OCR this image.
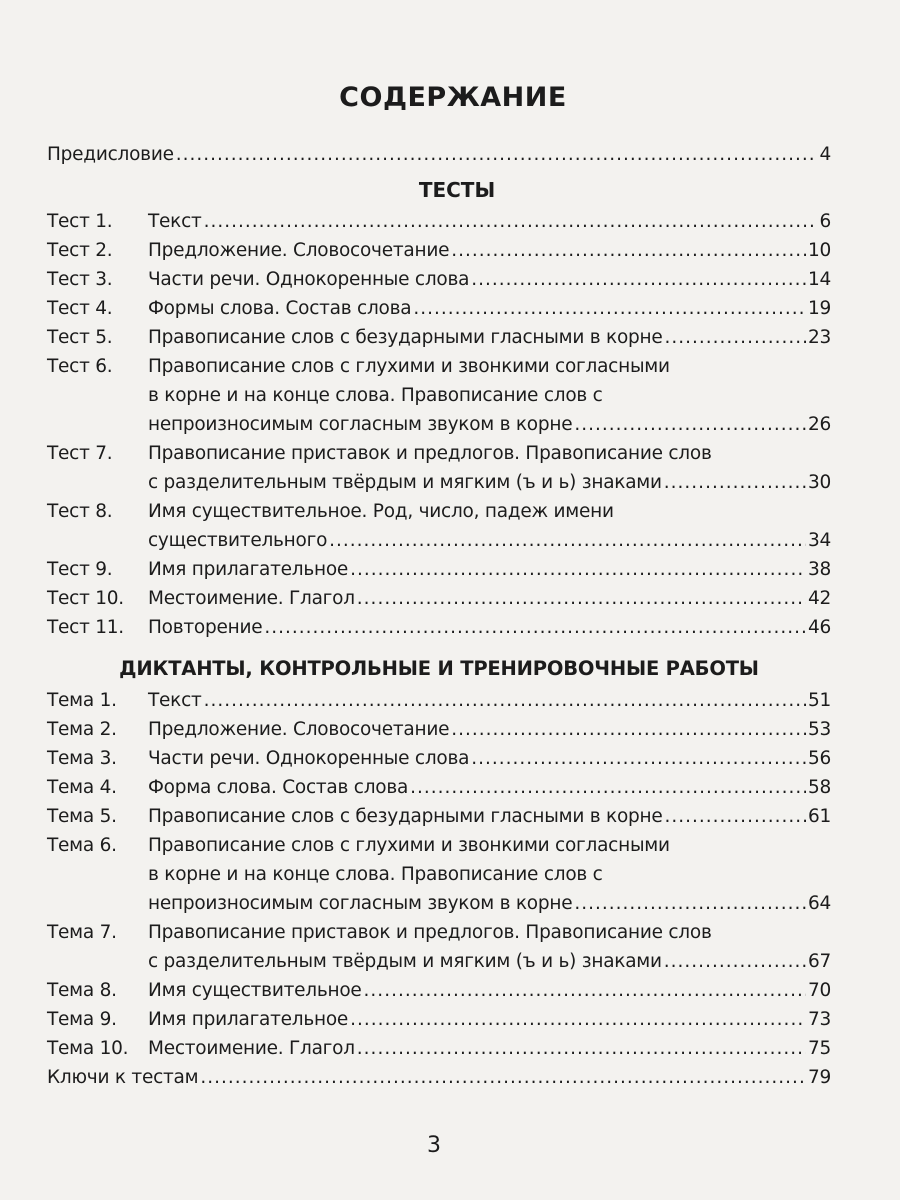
СОДЕРЖАНИЕ
Предисловие .....	4
ТЕСТЫ
Тест 1.	Текст .....	6
Тест 2.	Предложение. Словосочетание .....	10
Тест 3.	Части речи. Однокоренные слова .....	14
Тест 4.	Формы слова. Состав слова .....	19
Тест 5.	Правописание слов с безударными гласными в корне .....	23
Тест 6.	Правописание слов с глухими и звонкими согласными
в корне и на конце слова. Правописание слов с
непроизносимым согласным звуком в корне .....	26
Тест 7.	Правописание приставок и предлогов. Правописание слов
с разделительным твёрдым и мягким (ъ и ь) знаками .....	30
Тест 8.	Имя существительное. Род, число, падеж имени
существительного .....	34
Тест 9.	Имя прилагательное .....	38
Тест 10.	Местоимение. Глагол .....	42
Тест 11.	Повторение .....	46
ДИКТАНТЫ, КОНТРОЛЬНЫЕ И ТРЕНИРОВОЧНЫЕ РАБОТЫ
Тема 1.	Текст .....	51
Тема 2.	Предложение. Словосочетание .....	53
Тема 3.	Части речи. Однокоренные слова .....	56
Тема 4.	Форма слова. Состав слова .....	58
Тема 5.	Правописание слов с безударными гласными в корне .....	61
Тема 6.	Правописание слов с глухими и звонкими согласными
в корне и на конце слова. Правописание слов с
непроизносимым согласным звуком в корне .....	64
Тема 7.	Правописание приставок и предлогов. Правописание слов
с разделительным твёрдым и мягким (ъ и ь) знаками .....	67
Тема 8.	Имя существительное .....	70
Тема 9.	Имя прилагательное .....	73
Тема 10.	Местоимение. Глагол .....	75
Ключи к тестам .....	79
3
